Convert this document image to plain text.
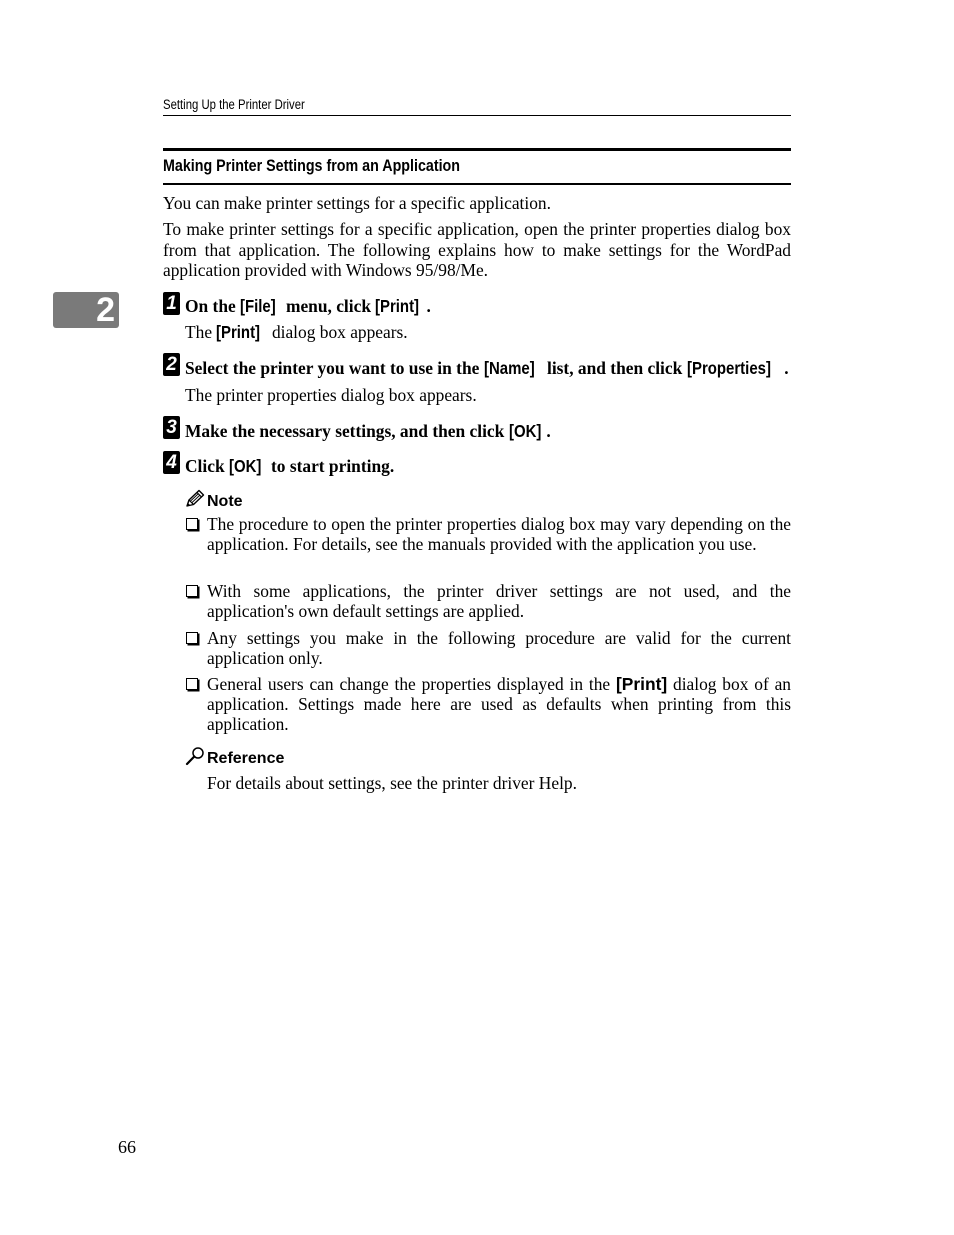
Setting Up the Printer Driver
Making Printer Settings from an Application
You can make printer settings for a specific application.
To make printer settings for a specific application, open the printer properties dialog box from that application. The following explains how to make settings for the WordPad application provided with Windows 95/98/Me.
2	1 On the [File] menu, click [Print] .
The [Print] dialog box appears.
2 Select the printer you want to use in the [Name] list, and then click [Properties] .
The printer properties dialog box appears.
3 Make the necessary settings, and then click [OK] .
4 Click [OK] to start printing.
Note
The procedure to open the printer properties dialog box may vary depending on the application. For details, see the manuals provided with the application you use.
With some applications, the printer driver settings are not used, and the application's own default settings are applied.
Any settings you make in the following procedure are valid for the current application only.
General users can change the properties displayed in the [Print] dialog box of an application. Settings made here are used as defaults when printing from this application.
Reference
For details about settings, see the printer driver Help.
66
